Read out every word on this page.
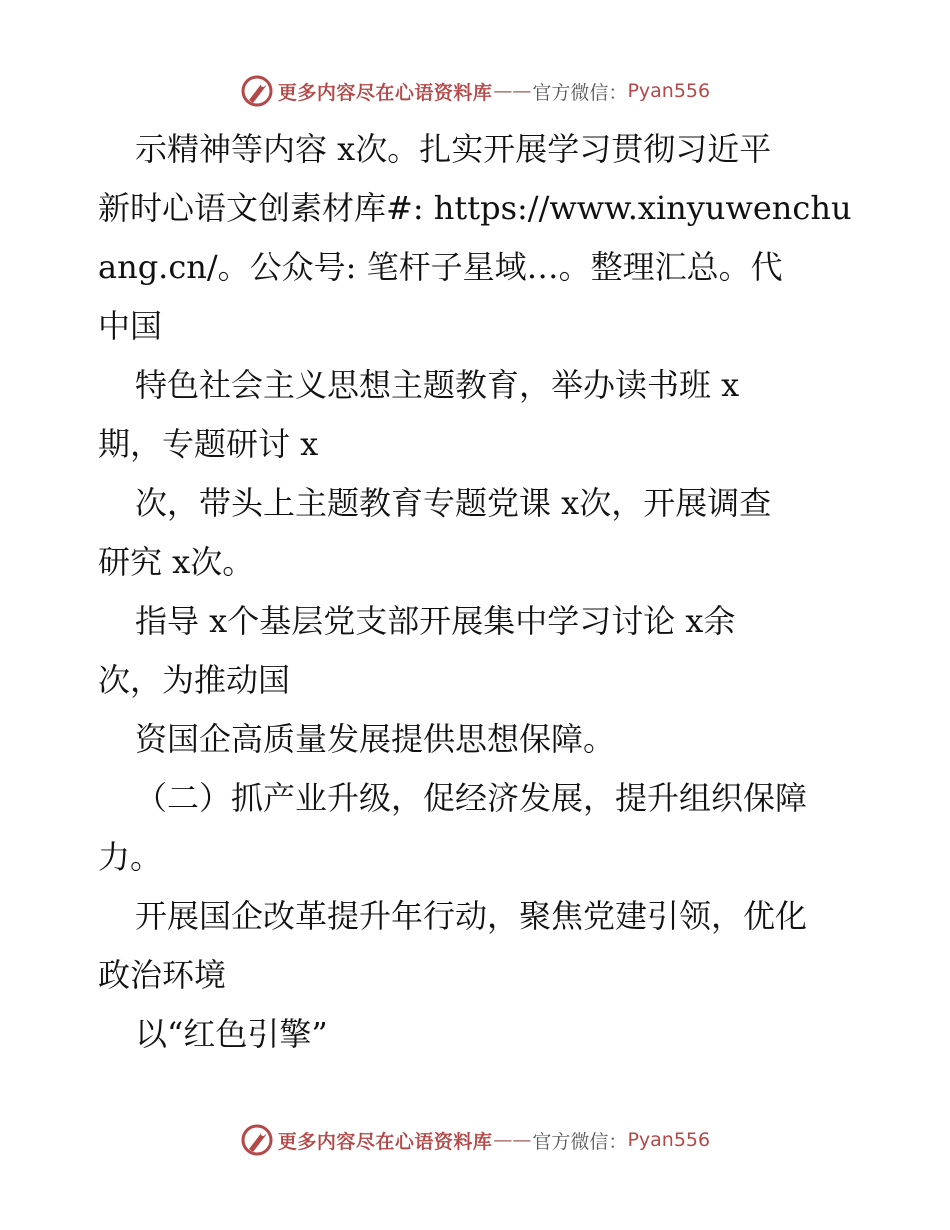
更多内容尽在心语资料库 —— 官方微信： Pyan556
示精神等内容 x次。扎实开展学习贯彻习近平
新时心语文创素材库#: https://www.xinyuwenchu
ang.cn/。公众号: 笔杆子星域…。整理汇总。代
中国
特色社会主义思想主题教育，举办读书班 x
期，专题研讨 x
次，带头上主题教育专题党课 x次，开展调查
研究 x次。
指导 x个基层党支部开展集中学习讨论 x余
次，为推动国
资国企高质量发展提供思想保障。
（二）抓产业升级，促经济发展，提升组织保障
力。
开展国企改革提升年行动，聚焦党建引领，优化
政治环境
以“红色引擎”
更多内容尽在心语资料库 —— 官方微信： Pyan556
